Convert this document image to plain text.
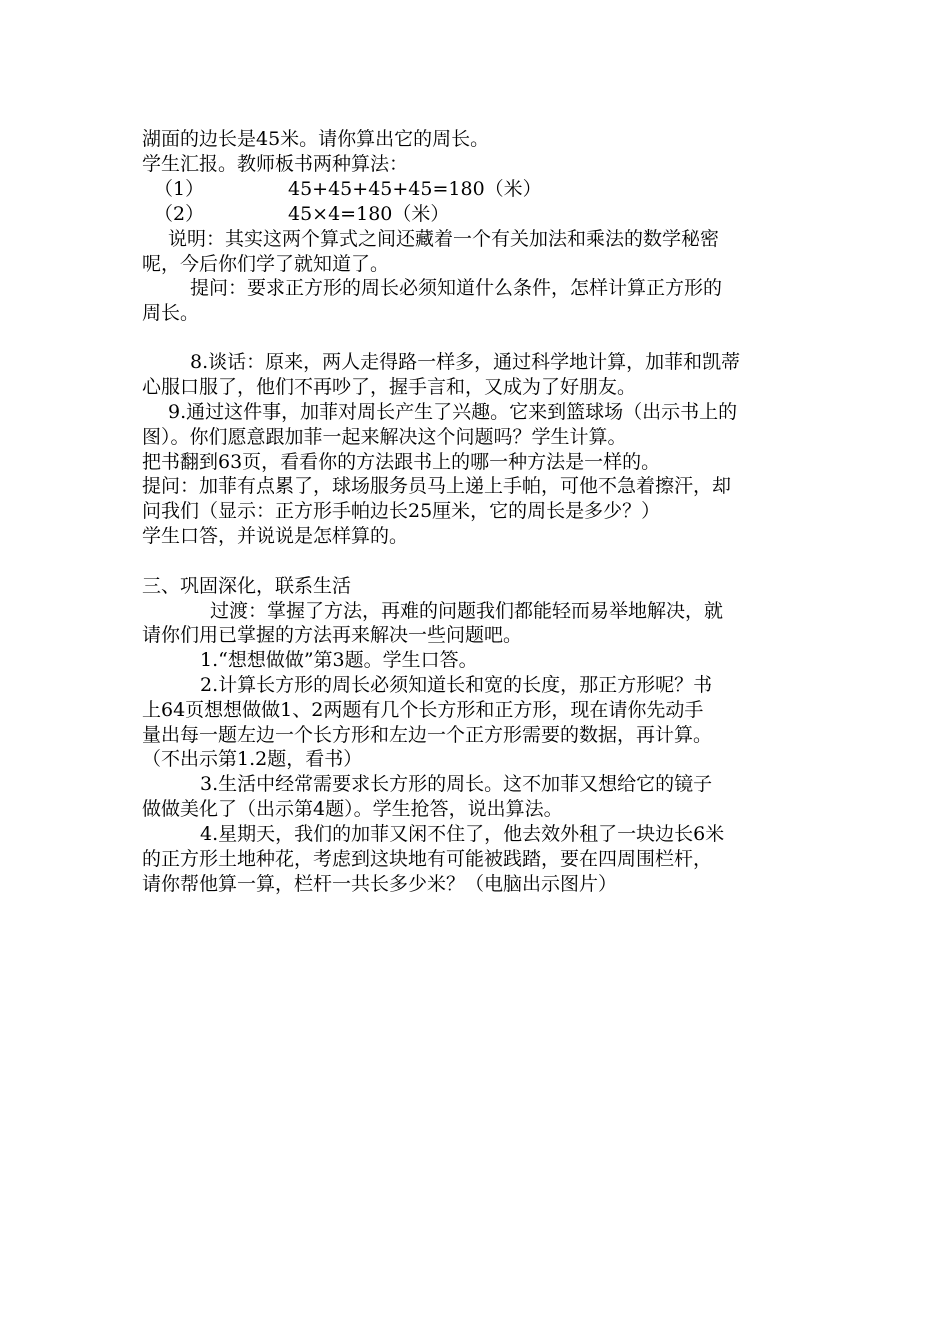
湖面的边长是45米。请你算出它的周长。
学生汇报。教师板书两种算法：
（1）	45+45+45+45=180（米）
（2）	45×4=180（米）
说明：其实这两个算式之间还藏着一个有关加法和乘法的数学秘密
呢，今后你们学了就知道了。
提问：要求正方形的周长必须知道什么条件，怎样计算正方形的
周长。
8.谈话：原来，两人走得路一样多，通过科学地计算，加菲和凯蒂
心服口服了，他们不再吵了，握手言和，又成为了好朋友。
9.通过这件事，加菲对周长产生了兴趣。它来到篮球场（出示书上的
图）。你们愿意跟加菲一起来解决这个问题吗？学生计算。
把书翻到63页，看看你的方法跟书上的哪一种方法是一样的。
提问：加菲有点累了，球场服务员马上递上手帕，可他不急着擦汗，却
问我们（显示：正方形手帕边长25厘米，它的周长是多少？）
学生口答，并说说是怎样算的。
三、巩固深化，联系生活
过渡：掌握了方法，再难的问题我们都能轻而易举地解决，就
请你们用已掌握的方法再来解决一些问题吧。
1.“想想做做”第3题。学生口答。
2.计算长方形的周长必须知道长和宽的长度，那正方形呢？书
上64页想想做做1、2两题有几个长方形和正方形，现在请你先动手
量出每一题左边一个长方形和左边一个正方形需要的数据，再计算。
（不出示第1.2题，看书）
3.生活中经常需要求长方形的周长。这不加菲又想给它的镜子
做做美化了（出示第4题）。学生抢答，说出算法。
4.星期天，我们的加菲又闲不住了，他去效外租了一块边长6米
的正方形土地种花，考虑到这块地有可能被践踏，要在四周围栏杆，
请你帮他算一算，栏杆一共长多少米？（电脑出示图片）
